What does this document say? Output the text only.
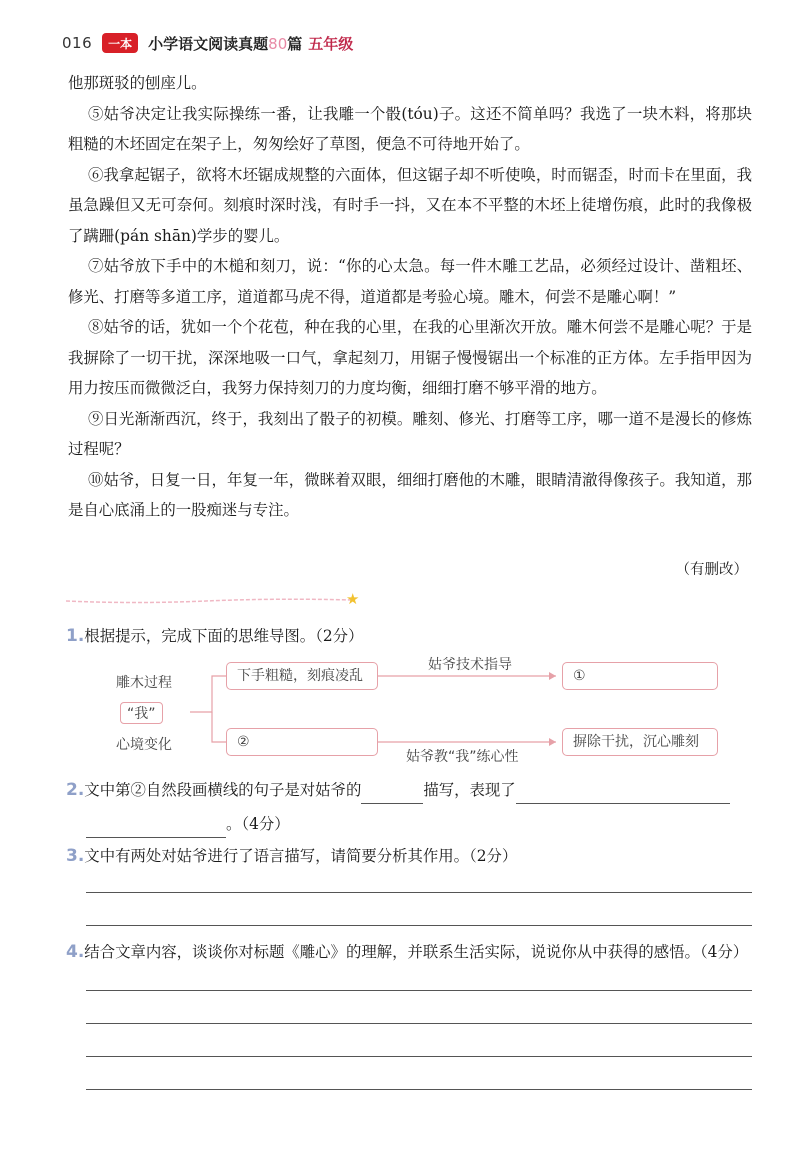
016	一本	小学语文阅读真题80篇 五年级

他那斑驳的刨座儿。

⑤姑爷决定让我实际操练一番，让我雕一个骰(tóu)子。这还不简单吗？我选了一块木料，将那块粗糙的木坯固定在架子上，匆匆绘好了草图，便急不可待地开始了。

⑥我拿起锯子，欲将木坯锯成规整的六面体，但这锯子却不听使唤，时而锯歪，时而卡在里面，我虽急躁但又无可奈何。刻痕时深时浅，有时手一抖，又在本不平整的木坯上徒增伤痕，此时的我像极了蹒跚(pán shān)学步的婴儿。

⑦姑爷放下手中的木槌和刻刀，说：“你的心太急。每一件木雕工艺品，必须经过设计、凿粗坯、修光、打磨等多道工序，道道都马虎不得，道道都是考验心境。雕木，何尝不是雕心啊！”

⑧姑爷的话，犹如一个个花苞，种在我的心里，在我的心里渐次开放。雕木何尝不是雕心呢？于是我摒除了一切干扰，深深地吸一口气，拿起刻刀，用锯子慢慢锯出一个标准的正方体。左手指甲因为用力按压而微微泛白，我努力保持刻刀的力度均衡，细细打磨不够平滑的地方。

⑨日光渐渐西沉，终于，我刻出了骰子的初模。雕刻、修光、打磨等工序，哪一道不是漫长的修炼过程呢？

⑩姑爷，日复一日，年复一年，微眯着双眼，细细打磨他的木雕，眼睛清澈得像孩子。我知道，那是自心底涌上的一股痴迷与专注。

（有删改）
★
1.根据提示，完成下面的思维导图。（2分）
雕木过程
“我”
心境变化
下手粗糙，刻痕凌乱
姑爷技术指导
①
②
姑爷教“我”练心性
摒除干扰，沉心雕刻
2.文中第②自然段画横线的句子是对姑爷的	描写，表现了
。（4分）
3.文中有两处对姑爷进行了语言描写，请简要分析其作用。（2分）
4.结合文章内容，谈谈你对标题《雕心》的理解，并联系生活实际，说说你从中获得的感悟。（4分）
